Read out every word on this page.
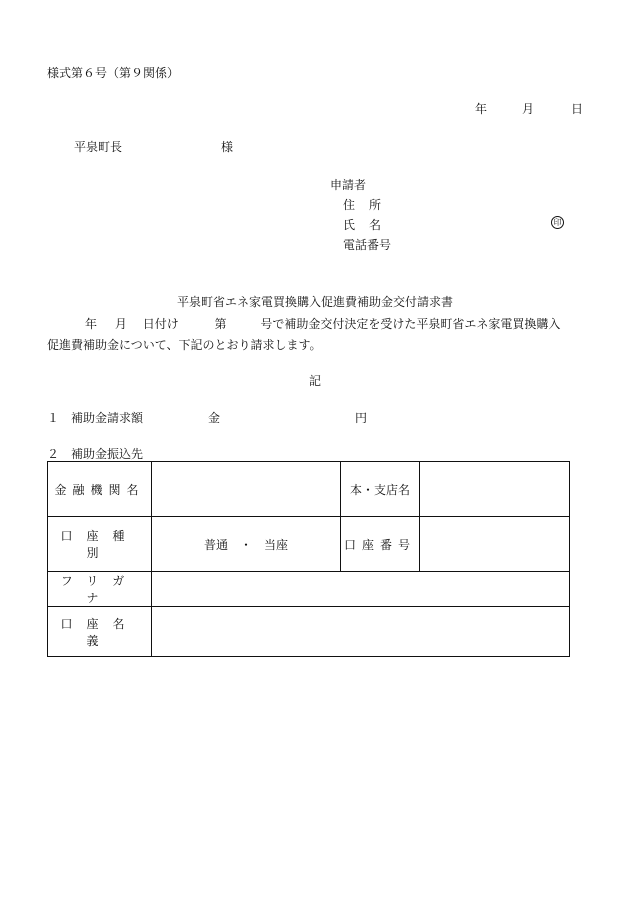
様式第６号（第９関係）
年	月	日
平泉町長	様
申請者
住所
氏名	印
電話番号
平泉町省エネ家電買換購入促進費補助金交付請求書
年 月 日付け	第	号で補助金交付決定を受けた平泉町省エネ家電買換購入
促進費補助金について、下記のとおり請求します。
記
１　補助金請求額	金	円
２　補助金振込先
金融機関名		本・支店名	
口座種別	普通　・　当座	口座番号	
フリガナ			
口座名義			
